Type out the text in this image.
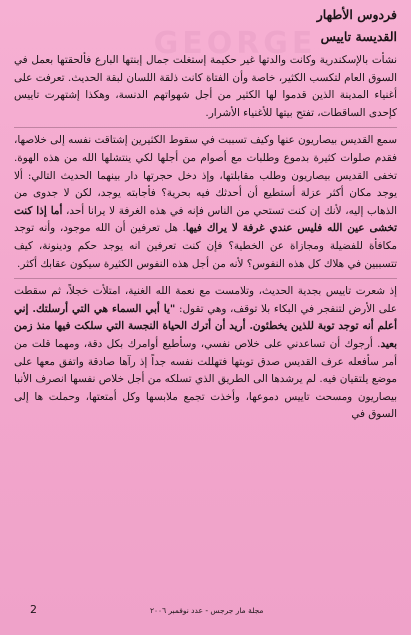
GEORGE
فردوس الأطهار
القديسة تاييس

نشأت بالإسكندرية وكانت والدتها غير حكيمة إستغلت جمال إبنتها البارع فألحقتها بعمل في السوق العام لتكسب الكثير، خاصة وأن الفتاة كانت ذلقة اللسان لبقة الحديث. تعرفت على أغنياء المدينة الذين قدموا لها الكثير من أجل شهواتهم الدنسة، وهكذا إشتهرت تاييس كإحدى الساقطات، تفتح بيتها للأغنياء الأشرار.

سمع القديس بيصاريون عنها وكيف تسببت في سقوط الكثيرين إشتاقت نفسه إلى خلاصها، فقدم صلوات كثيرة بدموع وطلبات مع أصوام من أجلها لكي ينتشلها الله من هذه الهوة. تخفى القديس بيصاريون وطلب مقابلتها، وإذ دخل حجرتها دار بينهما الحديث التالي: ألا يوجد مكان أكثر عزلة أستطيع أن أحدثك فيه بحرية؟ فأجابته يوجد، لكن لا جدوى من الذهاب إليه، لأنك إن كنت تستحي من الناس فإنه في هذه الغرفة لا يرانا أحد، أما إذا كنت تخشى عين الله فليس عندي غرفة لا يراك فيها. هل تعرفين أن الله موجود، وأنه توجد مكافأة للفضيلة ومجازاة عن الخطية؟ فإن كنت تعرفين انه يوجد حكم ودينونة، كيف تتسببين في هلاك كل هذه النفوس؟ لأنه من أجل هذه النفوس الكثيرة سيكون عقابك أكثر.

إذ شعرت تاييس بجدية الحديث، وتلامست مع نعمة الله الغنية، امتلأت خجلاً، ثم سقطت على الأرض لتنفجر في البكاء بلا توقف، وهي تقول: "يا أبي السماء هي التي أرسلتك. إني أعلم أنه توجد توبة للذين يخطئون. أريد أن أترك الحياة النجسة التي سلكت فيها منذ زمن بعيد. أرجوك أن تساعدني على خلاص نفسي، وسأطيع أوامرك بكل دقة، ومهما قلت من أمر سأفعله عرف القديس صدق توبتها فتهللت نفسه جداً إذ رآها صادقة واتفق معها على موضع يلتقيان فيه. لم يرشدها الى الطريق الذي تسلكه من أجل خلاص نفسها انصرف الأنبا بيصاريون ومسحت تاييس دموعها، وأخذت تجمع ملابسها وكل أمتعتها، وحملت ها إلى السوق في

2	مجلة مار جرجس - عدد نوفمبر ٢٠٠٦
